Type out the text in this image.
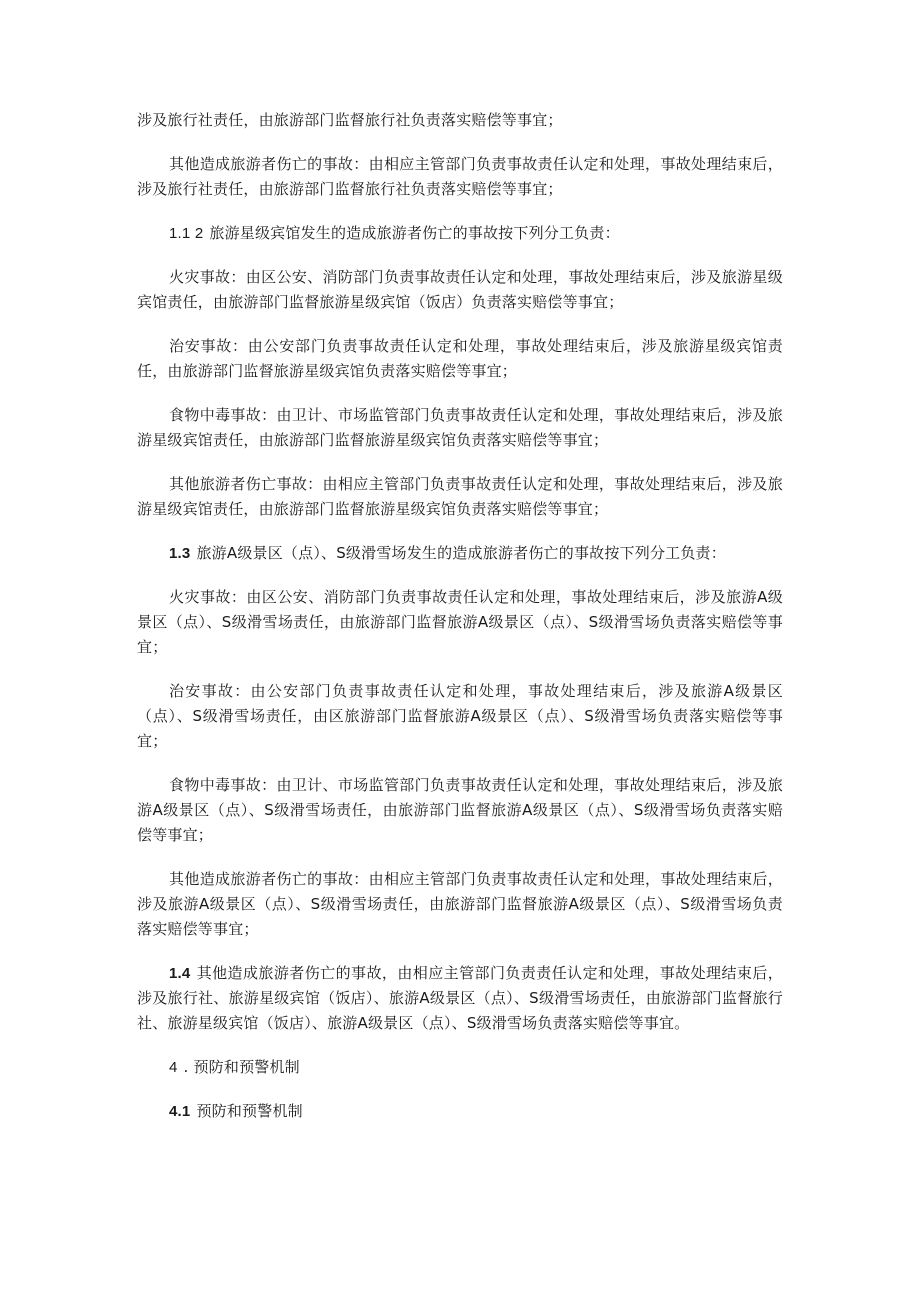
涉及旅行社责任，由旅游部门监督旅行社负责落实赔偿等事宜；

其他造成旅游者伤亡的事故：由相应主管部门负责事故责任认定和处理，事故处理结束后，涉及旅行社责任，由旅游部门监督旅行社负责落实赔偿等事宜；

1.1 2 旅游星级宾馆发生的造成旅游者伤亡的事故按下列分工负责：

火灾事故：由区公安、消防部门负责事故责任认定和处理，事故处理结束后，涉及旅游星级宾馆责任，由旅游部门监督旅游星级宾馆（饭店）负责落实赔偿等事宜；

治安事故：由公安部门负责事故责任认定和处理，事故处理结束后，涉及旅游星级宾馆责任，由旅游部门监督旅游星级宾馆负责落实赔偿等事宜；

食物中毒事故：由卫计、市场监管部门负责事故责任认定和处理，事故处理结束后，涉及旅游星级宾馆责任，由旅游部门监督旅游星级宾馆负责落实赔偿等事宜；

其他旅游者伤亡事故：由相应主管部门负责事故责任认定和处理，事故处理结束后，涉及旅游星级宾馆责任，由旅游部门监督旅游星级宾馆负责落实赔偿等事宜；

1.3 旅游A级景区（点）、S级滑雪场发生的造成旅游者伤亡的事故按下列分工负责：

火灾事故：由区公安、消防部门负责事故责任认定和处理，事故处理结束后，涉及旅游A级景区（点）、S级滑雪场责任，由旅游部门监督旅游A级景区（点）、S级滑雪场负责落实赔偿等事宜；

治安事故：由公安部门负责事故责任认定和处理，事故处理结束后，涉及旅游A级景区（点）、S级滑雪场责任，由区旅游部门监督旅游A级景区（点）、S级滑雪场负责落实赔偿等事宜；

食物中毒事故：由卫计、市场监管部门负责事故责任认定和处理，事故处理结束后，涉及旅游A级景区（点）、S级滑雪场责任，由旅游部门监督旅游A级景区（点）、S级滑雪场负责落实赔偿等事宜；

其他造成旅游者伤亡的事故：由相应主管部门负责事故责任认定和处理，事故处理结束后，涉及旅游A级景区（点）、S级滑雪场责任，由旅游部门监督旅游A级景区（点）、S级滑雪场负责落实赔偿等事宜；

1.4 其他造成旅游者伤亡的事故，由相应主管部门负责责任认定和处理，事故处理结束后，涉及旅行社、旅游星级宾馆（饭店）、旅游A级景区（点）、S级滑雪场责任，由旅游部门监督旅行社、旅游星级宾馆（饭店）、旅游A级景区（点）、S级滑雪场负责落实赔偿等事宜。

4 . 预防和预警机制

4.1 预防和预警机制
